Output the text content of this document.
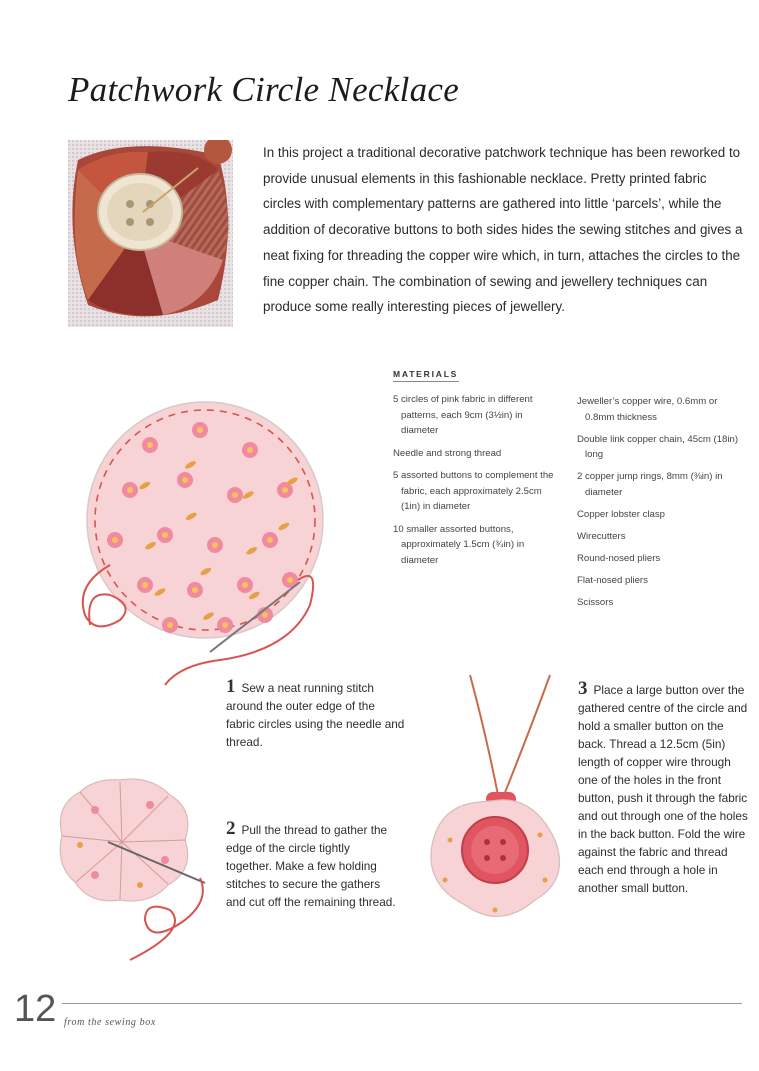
Patchwork Circle Necklace

In this project a traditional decorative patchwork technique has been reworked to provide unusual elements in this fashionable necklace. Pretty printed fabric circles with complementary patterns are gathered into little ‘parcels’, while the addition of decorative buttons to both sides hides the sewing stitches and gives a neat fixing for threading the copper wire which, in turn, attaches the circles to the fine copper chain. The combination of sewing and jewellery techniques can produce some really interesting pieces of jewellery.

MATERIALS

5 circles of pink fabric in different patterns, each 9cm (3½in) in diameter

Needle and strong thread

5 assorted buttons to complement the fabric, each approximately 2.5cm (1in) in diameter

10 smaller assorted buttons, approximately 1.5cm (¾in) in diameter

Jeweller’s copper wire, 0.6mm or 0.8mm thickness

Double link copper chain, 45cm (18in) long

2 copper jump rings, 8mm (⅜in) in diameter

Copper lobster clasp

Wirecutters

Round-nosed pliers

Flat-nosed pliers

Scissors

1 Sew a neat running stitch around the outer edge of the fabric circles using the needle and thread.
2 Pull the thread to gather the edge of the circle tightly together. Make a few holding stitches to secure the gathers and cut off the remaining thread.
3 Place a large button over the gathered centre of the circle and hold a smaller button on the back. Thread a 12.5cm (5in) length of copper wire through one of the holes in the front button, push it through the fabric and out through one of the holes in the back button. Fold the wire against the fabric and thread each end through a hole in another small button.
12 from the sewing box
